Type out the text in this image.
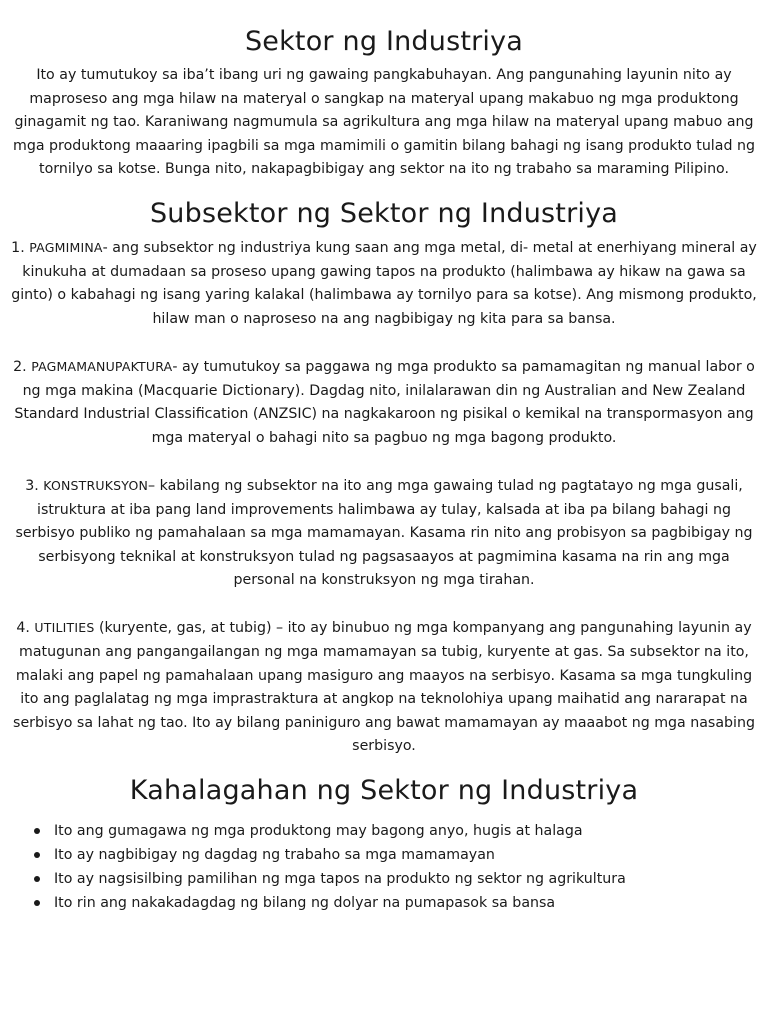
Sektor ng Industriya

Ito ay tumutukoy sa iba’t ibang uri ng gawaing pangkabuhayan. Ang pangunahing layunin nito ay maproseso ang mga hilaw na materyal o sangkap na materyal upang makabuo ng mga produktong ginagamit ng tao. Karaniwang nagmumula sa agrikultura ang mga hilaw na materyal upang mabuo ang mga produktong maaaring ipagbili sa mga mamimili o gamitin bilang bahagi ng isang produkto tulad ng tornilyo sa kotse. Bunga nito, nakapagbibigay ang sektor na ito ng trabaho sa maraming Pilipino.

Subsektor ng Sektor ng Industriya

1. PAGMIMINA- ang subsektor ng industriya kung saan ang mga metal, di- metal at enerhiyang mineral ay kinukuha at dumadaan sa proseso upang gawing tapos na produkto (halimbawa ay hikaw na gawa sa ginto) o kabahagi ng isang yaring kalakal (halimbawa ay tornilyo para sa kotse). Ang mismong produkto, hilaw man o naproseso na ang nagbibigay ng kita para sa bansa.

2. PAGMAMANUPAKTURA- ay tumutukoy sa paggawa ng mga produkto sa pamamagitan ng manual labor o ng mga makina (Macquarie Dictionary). Dagdag nito, inilalarawan din ng Australian and New Zealand Standard Industrial Classification (ANZSIC) na nagkakaroon ng pisikal o kemikal na transpormasyon ang mga materyal o bahagi nito sa pagbuo ng mga bagong produkto.

3. KONSTRUKSYON– kabilang ng subsektor na ito ang mga gawaing tulad ng pagtatayo ng mga gusali, istruktura at iba pang land improvements halimbawa ay tulay, kalsada at iba pa bilang bahagi ng serbisyo publiko ng pamahalaan sa mga mamamayan. Kasama rin nito ang probisyon sa pagbibigay ng serbisyong teknikal at konstruksyon tulad ng pagsasaayos at pagmimina kasama na rin ang mga personal na konstruksyon ng mga tirahan.

4. UTILITIES (kuryente, gas, at tubig) – ito ay binubuo ng mga kompanyang ang pangunahing layunin ay matugunan ang pangangailangan ng mga mamamayan sa tubig, kuryente at gas. Sa subsektor na ito, malaki ang papel ng pamahalaan upang masiguro ang maayos na serbisyo. Kasama sa mga tungkuling ito ang paglalatag ng mga imprastraktura at angkop na teknolohiya upang maihatid ang nararapat na serbisyo sa lahat ng tao. Ito ay bilang paniniguro ang bawat mamamayan ay maaabot ng mga nasabing serbisyo.

Kahalagahan ng Sektor ng Industriya
Ito ang gumagawa ng mga produktong may bagong anyo, hugis at halaga
Ito ay nagbibigay ng dagdag ng trabaho sa mga mamamayan
Ito ay nagsisilbing pamilihan ng mga tapos na produkto ng sektor ng agrikultura
Ito rin ang nakakadagdag ng bilang ng dolyar na pumapasok sa bansa
